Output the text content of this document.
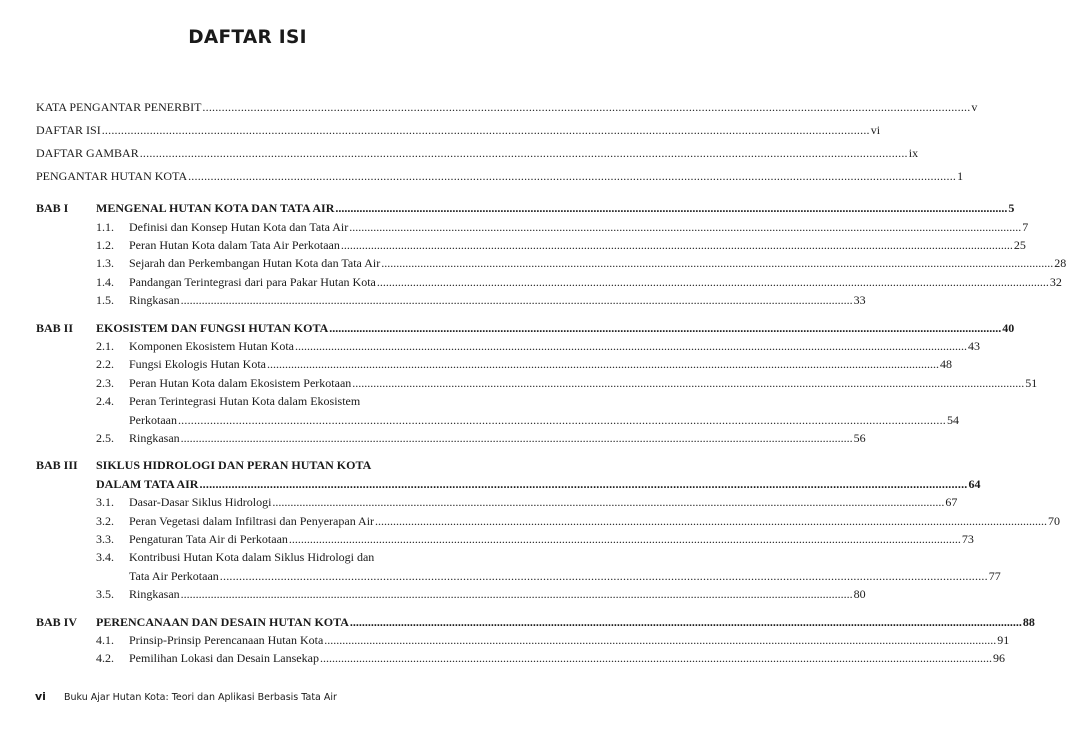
DAFTAR ISI
KATA PENGANTAR PENERBIT .....	v
DAFTAR ISI .....	vi
DAFTAR GAMBAR .....	ix
PENGANTAR HUTAN KOTA .....	1
BAB I	MENGENAL HUTAN KOTA DAN TATA AIR .....	5
1.1.	Definisi dan Konsep Hutan Kota dan Tata Air .....	7
1.2.	Peran Hutan Kota dalam Tata Air Perkotaan .....	25
1.3.	Sejarah dan Perkembangan Hutan Kota dan Tata Air .....	28
1.4.	Pandangan Terintegrasi dari para Pakar Hutan Kota .....	32
1.5.	Ringkasan .....	33
BAB II	EKOSISTEM DAN FUNGSI HUTAN KOTA .....	40
2.1.	Komponen Ekosistem Hutan Kota .....	43
2.2.	Fungsi Ekologis Hutan Kota .....	48
2.3.	Peran Hutan Kota dalam Ekosistem Perkotaan .....	51
2.4.	Peran Terintegrasi Hutan Kota dalam Ekosistem
Perkotaan .....	54
2.5.	Ringkasan .....	56
BAB III	SIKLUS HIDROLOGI DAN PERAN HUTAN KOTA
DALAM TATA AIR .....	64
3.1.	Dasar-Dasar Siklus Hidrologi .....	67
3.2.	Peran Vegetasi dalam Infiltrasi dan Penyerapan Air .....	70
3.3.	Pengaturan Tata Air di Perkotaan .....	73
3.4.	Kontribusi Hutan Kota dalam Siklus Hidrologi dan
Tata Air Perkotaan .....	77
3.5.	Ringkasan .....	80
BAB IV	PERENCANAAN DAN DESAIN HUTAN KOTA .....	88
4.1.	Prinsip-Prinsip Perencanaan Hutan Kota .....	91
4.2.	Pemilihan Lokasi dan Desain Lansekap .....	96
vi Buku Ajar Hutan Kota: Teori dan Aplikasi Berbasis Tata Air
